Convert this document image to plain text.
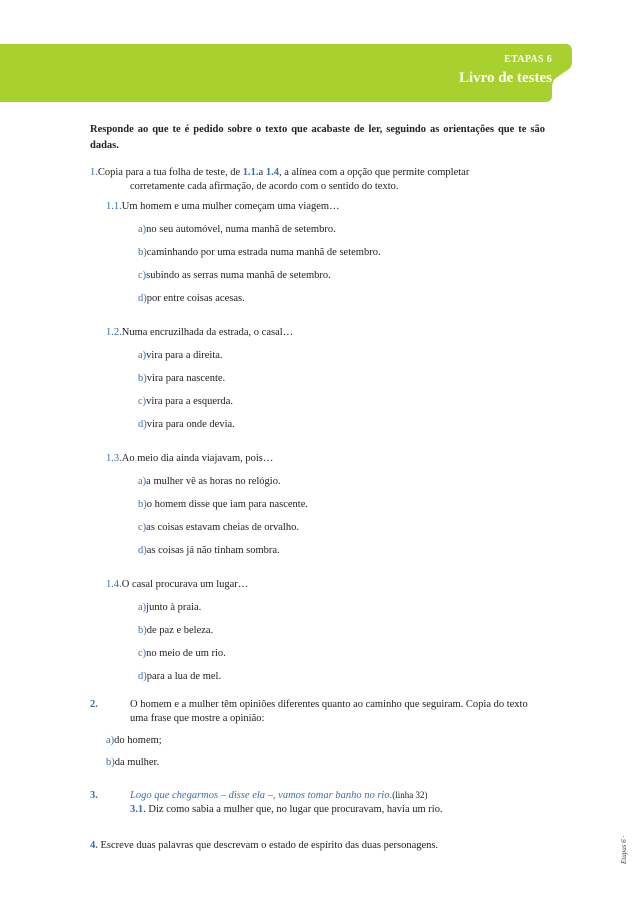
ETAPAS 6
Livro de testes

Responde ao que te é pedido sobre o texto que acabaste de ler, seguindo as orientações que te são dadas.

1. Copia para a tua folha de teste, de 1.1.a 1.4, a alínea com a opção que permite completar
corretamente cada afirmação, de acordo com o sentido do texto.
1.1.Um homem e uma mulher começam uma viagem…
a)no seu automóvel, numa manhã de setembro.
b)caminhando por uma estrada numa manhã de setembro.
c)subindo as serras numa manhã de setembro.
d)por entre coisas acesas.
1.2.Numa encruzilhada da estrada, o casal…
a)vira para a direita.
b)vira para nascente.
c)vira para a esquerda.
d)vira para onde devia.
1.3.Ao meio dia ainda viajavam, pois…
a)a mulher vê as horas no relógio.
b)o homem disse que iam para nascente.
c)as coisas estavam cheias de orvalho.
d)as coisas já não tinham sombra.
1.4.O casal procurava um lugar…
a)junto à praia.
b)de paz e beleza.
c)no meio de um rio.
d)para a lua de mel.
2.	O homem e a mulher têm opiniões diferentes quanto ao caminho que seguiram. Copia do texto
uma frase que mostre a opinião:
a)do homem;
b)da mulher.
3.	Logo que chegarmos – disse ela –, vamos tomar banho no rio.(linha 32)
3.1. Diz como sabia a mulher que, no lugar que procuravam, havia um rio.
4. Escreve duas palavras que descrevam o estado de espírito das duas personagens.	Etapas 6 ·
